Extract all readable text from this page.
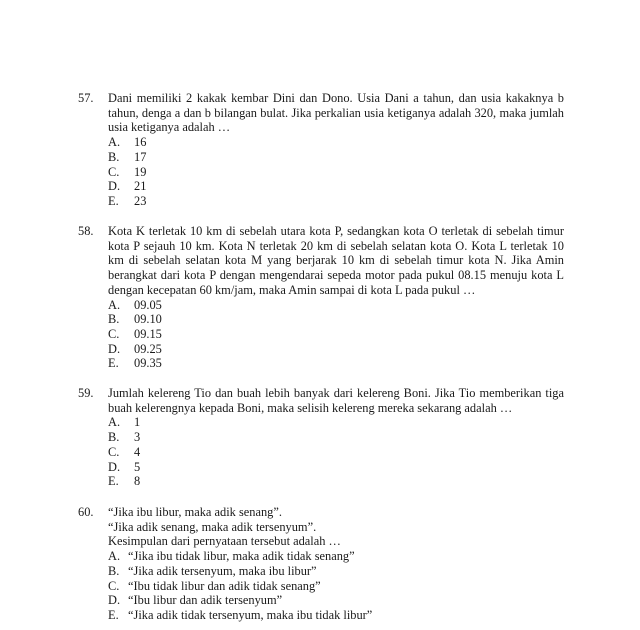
57.	Dani memiliki 2 kakak kembar Dini dan Dono. Usia Dani a tahun, dan usia kakaknya b tahun, denga a dan b bilangan bulat. Jika perkalian usia ketiganya adalah 320, maka jumlah usia ketiganya adalah …
A.	16
B.	17
C.	19
D.	21
E.	23
58.	Kota K terletak 10 km di sebelah utara kota P, sedangkan kota O terletak di sebelah timur kota P sejauh 10 km. Kota N terletak 20 km di sebelah selatan kota O. Kota L terletak 10 km di sebelah selatan kota M yang berjarak 10 km di sebelah timur kota N. Jika Amin berangkat dari kota P dengan mengendarai sepeda motor pada pukul 08.15 menuju kota L dengan kecepatan 60 km/jam, maka Amin sampai di kota L pada pukul …
A.	09.05
B.	09.10
C.	09.15
D.	09.25
E.	09.35
59.	Jumlah kelereng Tio dan buah lebih banyak dari kelereng Boni. Jika Tio memberikan tiga buah kelerengnya kepada Boni, maka selisih kelereng mereka sekarang adalah …
A.	1
B.	3
C.	4
D.	5
E.	8
60.	“Jika ibu libur, maka adik senang”.
“Jika adik senang, maka adik tersenyum”.
Kesimpulan dari pernyataan tersebut adalah …
A. “Jika ibu tidak libur, maka adik tidak senang”
B. “Jika adik tersenyum, maka ibu libur”
C. “Ibu tidak libur dan adik tidak senang”
D. “Ibu libur dan adik tersenyum”
E. “Jika adik tidak tersenyum, maka ibu tidak libur”
